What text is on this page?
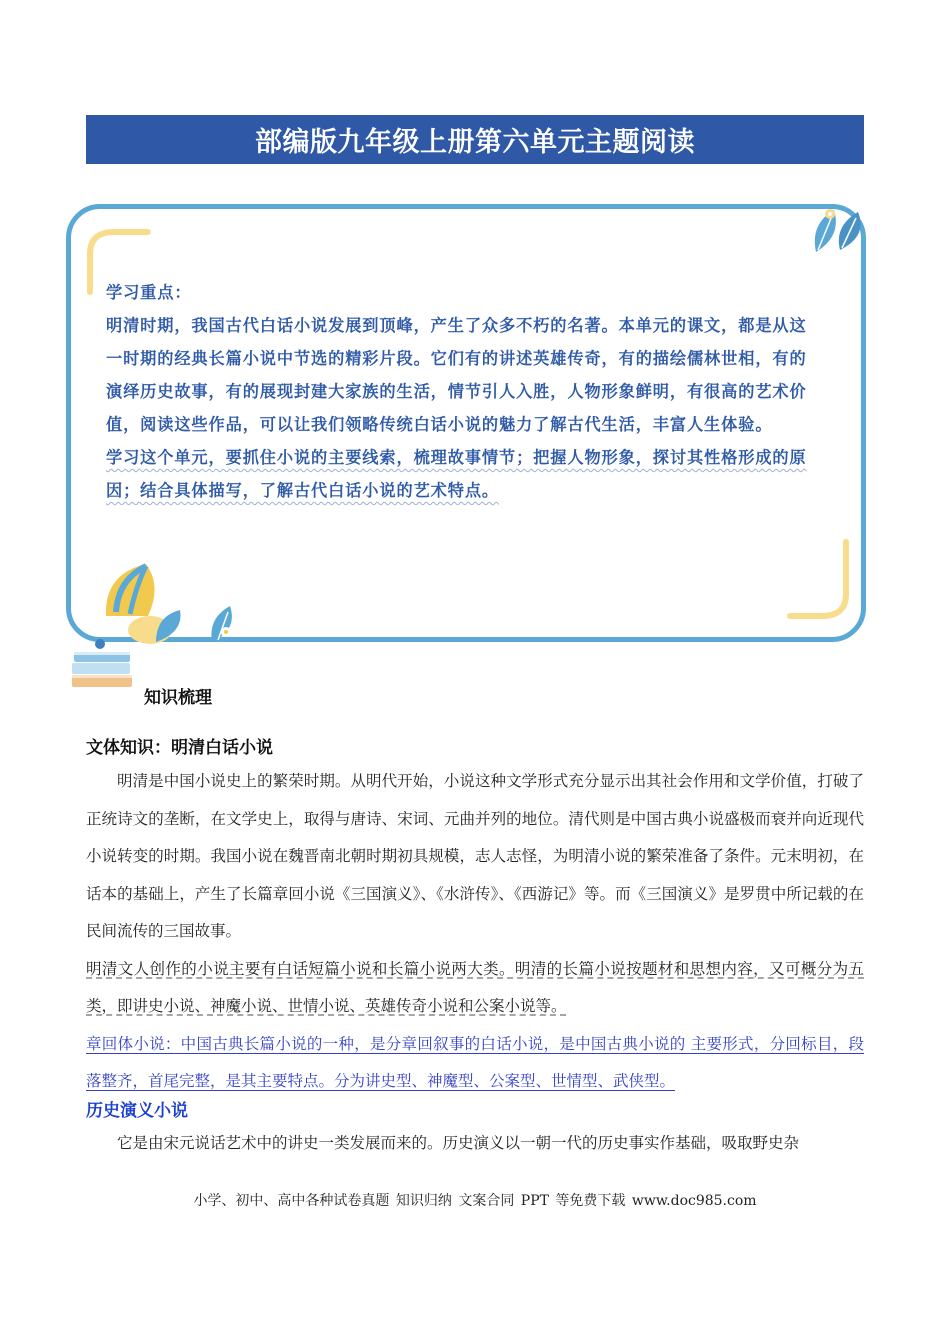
部编版九年级上册第六单元主题阅读

学习重点：

明清时期，我国古代白话小说发展到顶峰，产生了众多不朽的名著。本单元的课文，都是从这一时期的经典长篇小说中节选的精彩片段。它们有的讲述英雄传奇，有的描绘儒林世相，有的演绎历史故事，有的展现封建大家族的生活，情节引人入胜，人物形象鲜明，有很高的艺术价值，阅读这些作品，可以让我们领略传统白话小说的魅力了解古代生活，丰富人生体验。

学习这个单元，要抓住小说的主要线索，梳理故事情节；把握人物形象，探讨其性格形成的原因；结合具体描写，了解古代白话小说的艺术特点。

知识梳理
文体知识：明清白话小说

明清是中国小说史上的繁荣时期。从明代开始，小说这种文学形式充分显示出其社会作用和文学价值，打破了正统诗文的垄断，在文学史上，取得与唐诗、宋词、元曲并列的地位。清代则是中国古典小说盛极而衰并向近现代小说转变的时期。我国小说在魏晋南北朝时期初具规模，志人志怪，为明清小说的繁荣准备了条件。元末明初，在话本的基础上，产生了长篇章回小说《三国演义》、《水浒传》、《西游记》等。而《三国演义》是罗贯中所记载的在民间流传的三国故事。

明清文人创作的小说主要有白话短篇小说和长篇小说两大类。明清的长篇小说按题材和思想内容，又可概分为五类，即讲史小说、神魔小说、世情小说、英雄传奇小说和公案小说等。

章回体小说：中国古典长篇小说的一种，是分章回叙事的白话小说，是中国古典小说的 主要形式，分回标目，段落整齐，首尾完整，是其主要特点。分为讲史型、神魔型、公案型、世情型、武侠型。

历史演义小说

它是由宋元说话艺术中的讲史一类发展而来的。历史演义以一朝一代的历史事实作基础，吸取野史杂

小学、初中、高中各种试卷真题 知识归纳 文案合同 PPT 等免费下载 www.doc985.com
